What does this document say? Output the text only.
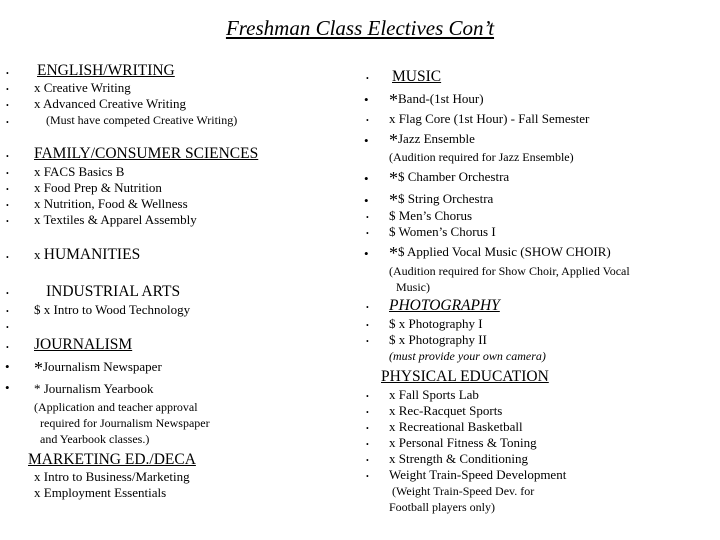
Freshman Class Electives Con’t
• ENGLISH/WRITING
• x Creative Writing
• x Advanced Creative Writing
•	(Must have competed Creative Writing)
• FAMILY/CONSUMER SCIENCES
• x FACS Basics B
• x Food Prep & Nutrition
• x Nutrition, Food & Wellness
• x Textiles & Apparel Assembly
• x HUMANITIES
• INDUSTRIAL ARTS
• $ x Intro to Wood Technology
•
• JOURNALISM
• *Journalism Newspaper
• * Journalism Yearbook
(Application and teacher approval
required for Journalism Newspaper
and Yearbook classes.)
MARKETING ED./DECA
x Intro to Business/Marketing
x Employment Essentials
• MUSIC
• *Band-(1st Hour)
• x Flag Core (1st Hour) - Fall Semester
• *Jazz Ensemble
(Audition required for Jazz Ensemble)
• *$ Chamber Orchestra
• *$ String Orchestra
• $ Men’s Chorus
• $ Women’s Chorus I
• *$ Applied Vocal Music (SHOW CHOIR)
(Audition required for Show Choir, Applied Vocal
Music)
• PHOTOGRAPHY
• $ x Photography I
• $ x Photography II
(must provide your own camera)
PHYSICAL EDUCATION
• x Fall Sports Lab
• x Rec-Racquet Sports
• x Recreational Basketball
• x Personal Fitness & Toning
• x Strength & Conditioning
• Weight Train-Speed Development
(Weight Train-Speed Dev. for
Football players only)
